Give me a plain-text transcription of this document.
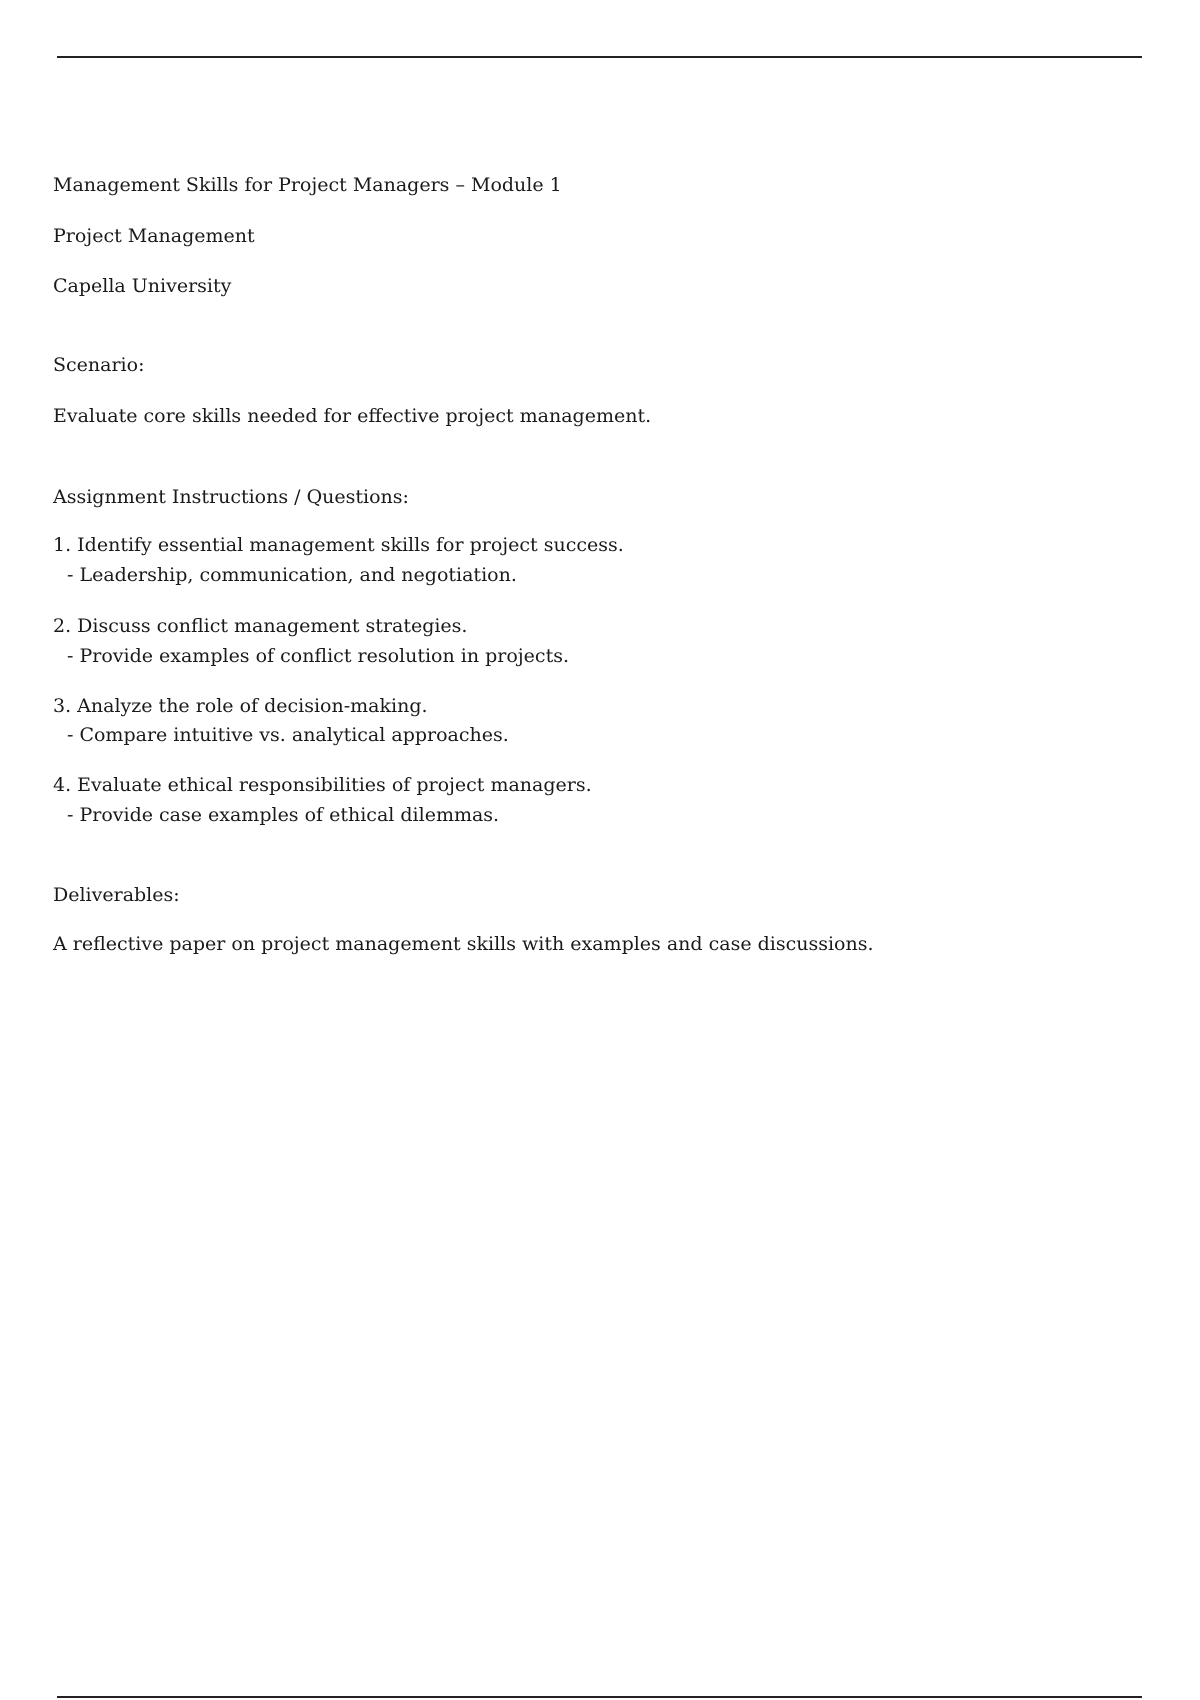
Management Skills for Project Managers – Module 1
Project Management
Capella University
Scenario:
Evaluate core skills needed for effective project management.
Assignment Instructions / Questions:
1. Identify essential management skills for project success.
- Leadership, communication, and negotiation.
2. Discuss conflict management strategies.
- Provide examples of conflict resolution in projects.
3. Analyze the role of decision-making.
- Compare intuitive vs. analytical approaches.
4. Evaluate ethical responsibilities of project managers.
- Provide case examples of ethical dilemmas.
Deliverables:
A reflective paper on project management skills with examples and case discussions.
